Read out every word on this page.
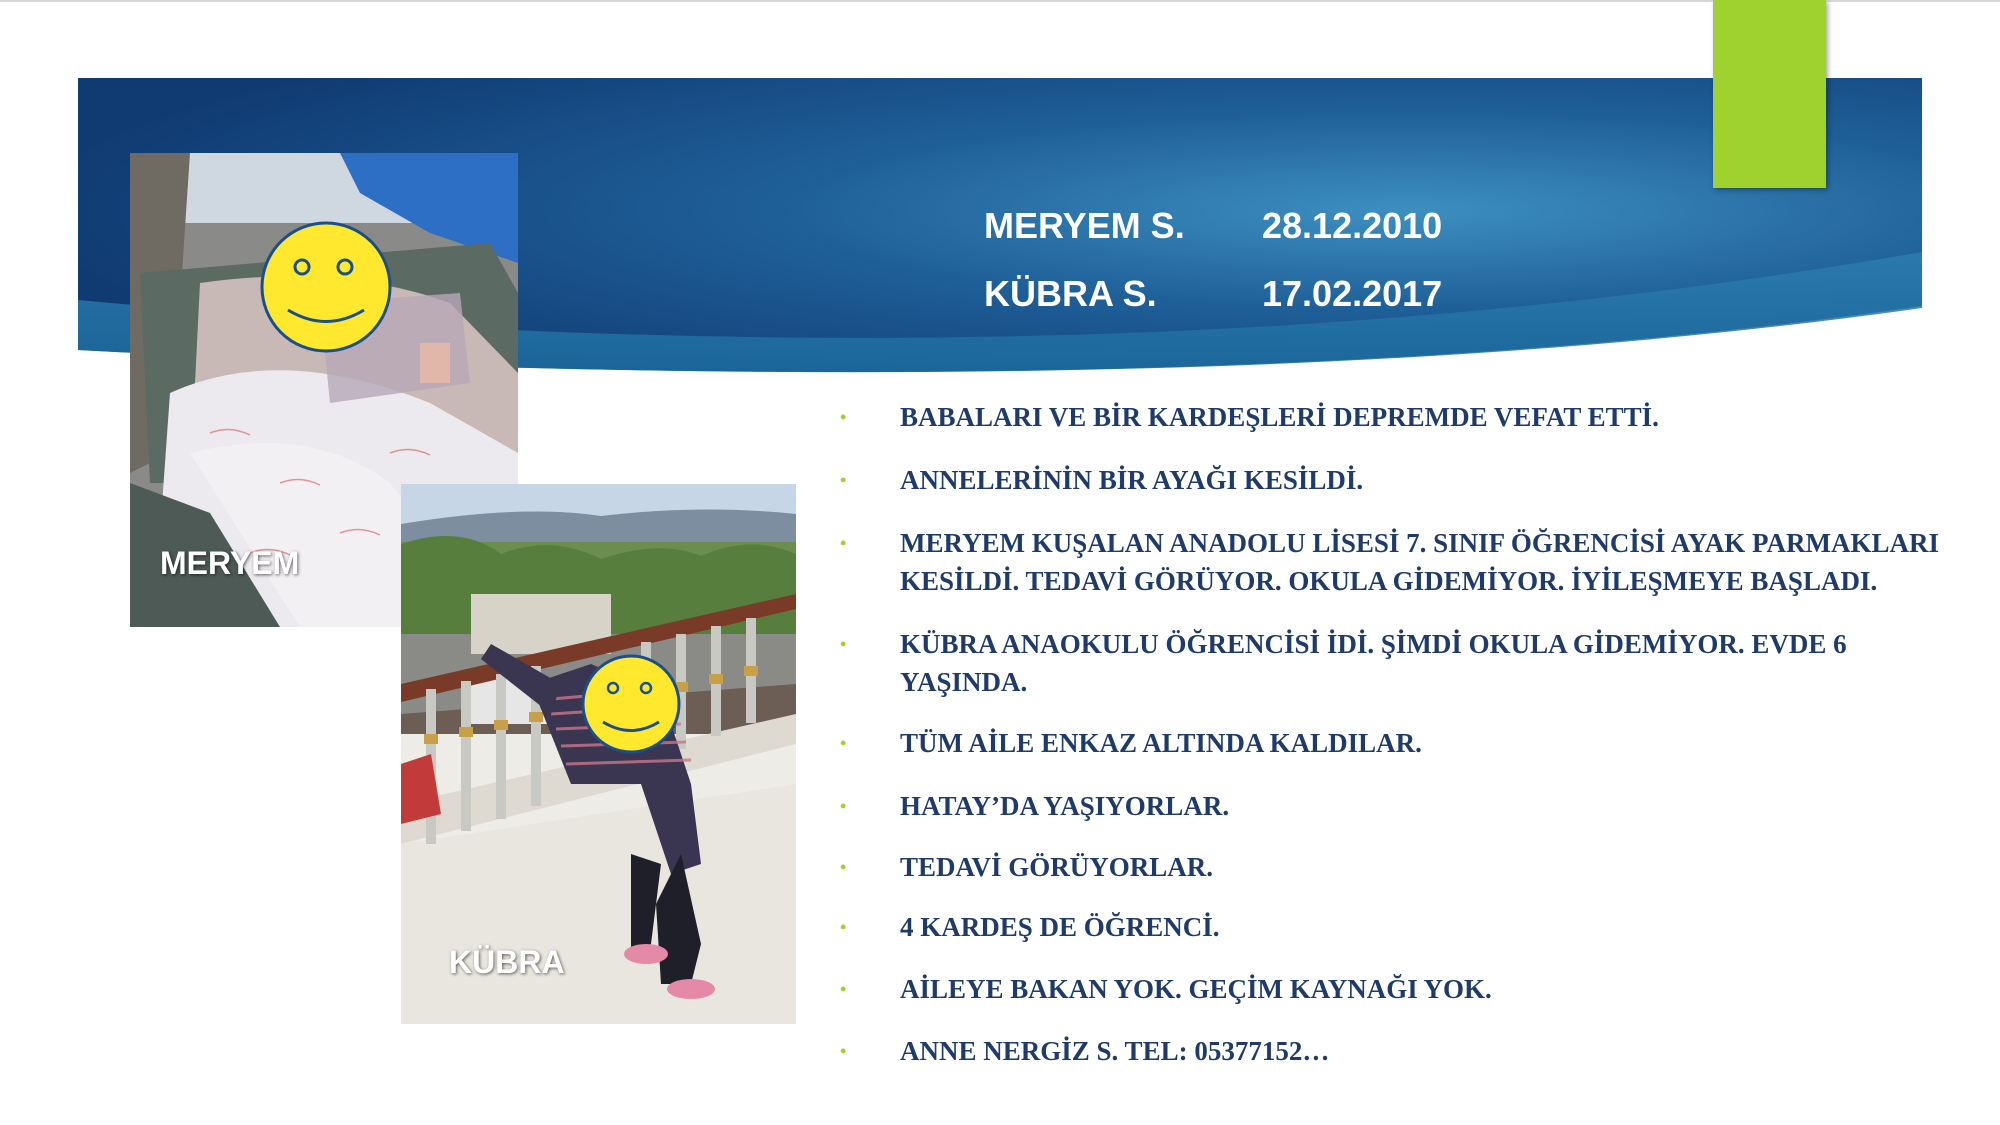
MERYEM S.	28.12.2010
KÜBRA S.	17.02.2017
MERYEM
KÜBRA
• BABALARI VE BİR KARDEŞLERİ DEPREMDE VEFAT ETTİ.
• ANNELERİNİN BİR AYAĞI KESİLDİ.
• MERYEM KUŞALAN ANADOLU LİSESİ 7. SINIF ÖĞRENCİSİ AYAK PARMAKLARI KESİLDİ. TEDAVİ GÖRÜYOR. OKULA GİDEMİYOR. İYİLEŞMEYE BAŞLADI.
• KÜBRA ANAOKULU ÖĞRENCİSİ İDİ. ŞİMDİ OKULA GİDEMİYOR. EVDE 6 YAŞINDA.
• TÜM AİLE ENKAZ ALTINDA KALDILAR.
• HATAY’DA YAŞIYORLAR.
• TEDAVİ GÖRÜYORLAR.
• 4 KARDEŞ DE ÖĞRENCİ.
• AİLEYE BAKAN YOK. GEÇİM KAYNAĞI YOK.
• ANNE NERGİZ S. TEL: 05377152…
